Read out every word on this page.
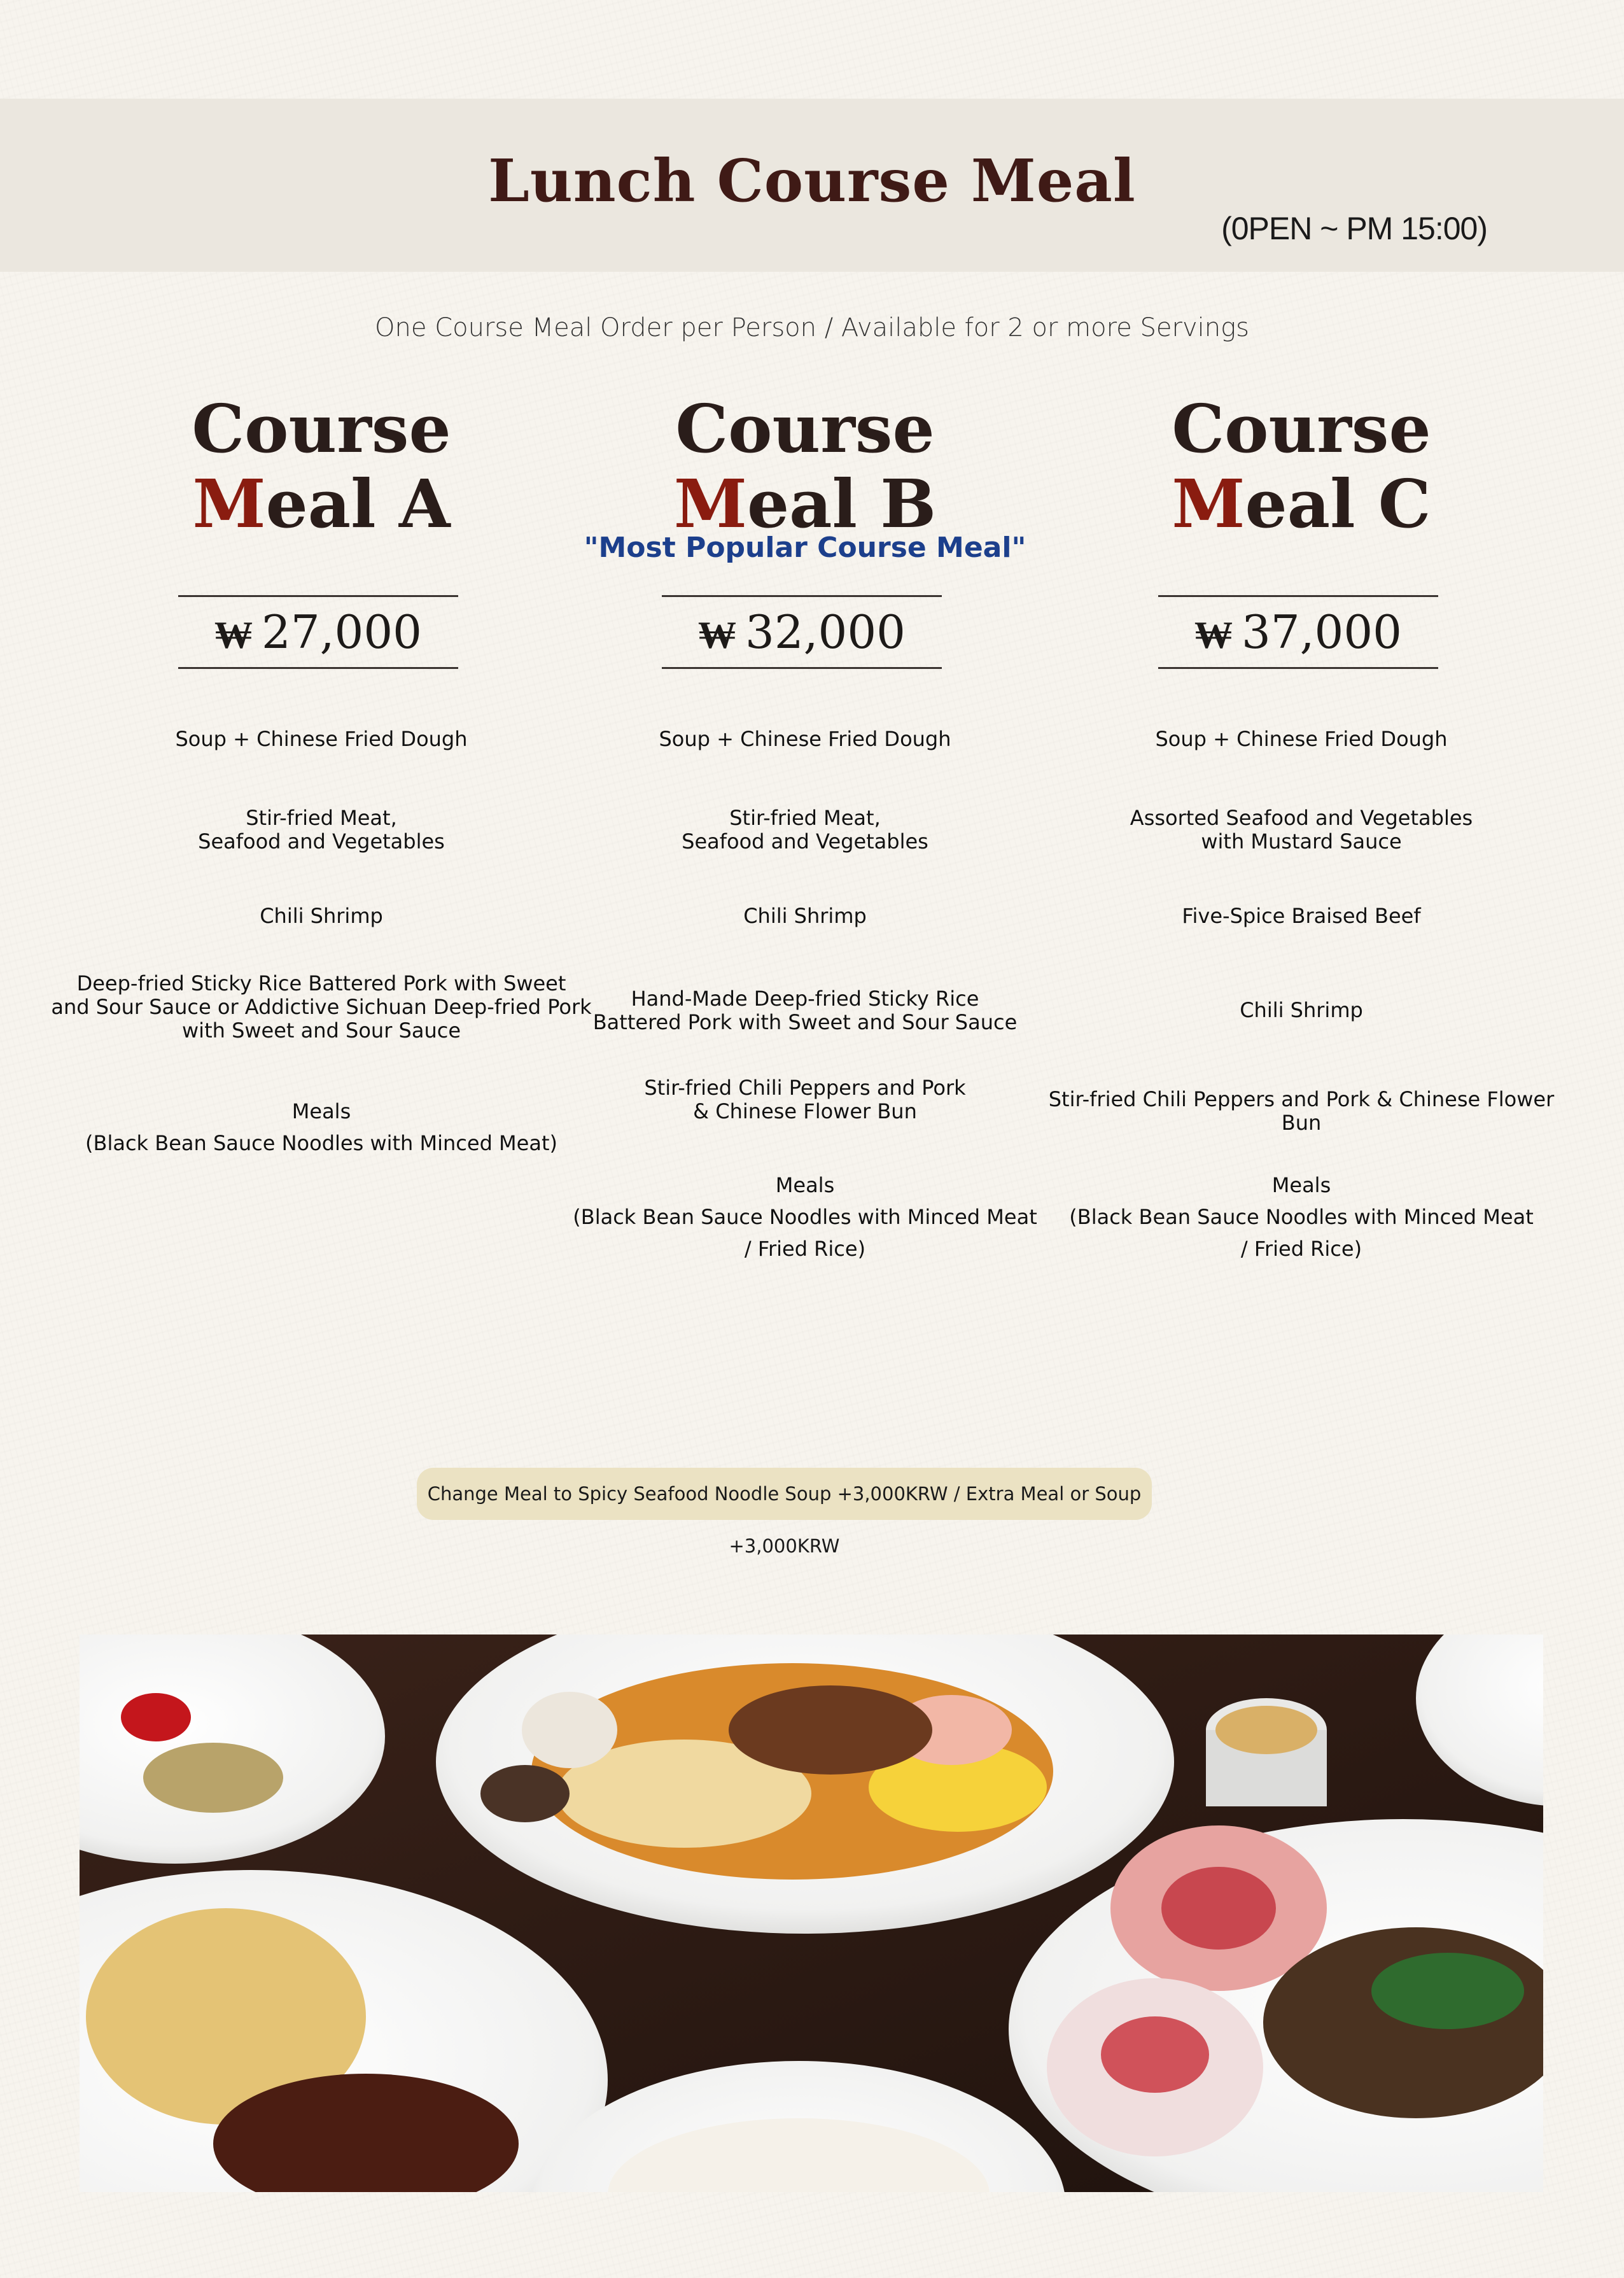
Lunch Course Meal
(0PEN ~ PM 15:00)
One Course Meal Order per Person / Available for 2 or more Servings
Course
Meal A
₩ 27,000
Soup + Chinese Fried Dough
Stir-fried Meat,
Seafood and Vegetables
Chili Shrimp
Deep-fried Sticky Rice Battered Pork with Sweet
and Sour Sauce or Addictive Sichuan Deep-fried Pork
with Sweet and Sour Sauce
Meals
(Black Bean Sauce Noodles with Minced Meat)
Course
Meal B
"Most Popular Course Meal"
₩ 32,000
Soup + Chinese Fried Dough
Stir-fried Meat,
Seafood and Vegetables
Chili Shrimp
Hand-Made Deep-fried Sticky Rice
Battered Pork with Sweet and Sour Sauce
Stir-fried Chili Peppers and Pork
& Chinese Flower Bun
Meals
(Black Bean Sauce Noodles with Minced Meat
/ Fried Rice)
Course
Meal C
₩ 37,000
Soup + Chinese Fried Dough
Assorted Seafood and Vegetables
with Mustard Sauce
Five-Spice Braised Beef
Chili Shrimp
Stir-fried Chili Peppers and Pork & Chinese Flower Bun
Meals
(Black Bean Sauce Noodles with Minced Meat
/ Fried Rice)
Change Meal to Spicy Seafood Noodle Soup +3,000KRW / Extra Meal or Soup +3,000KRW
